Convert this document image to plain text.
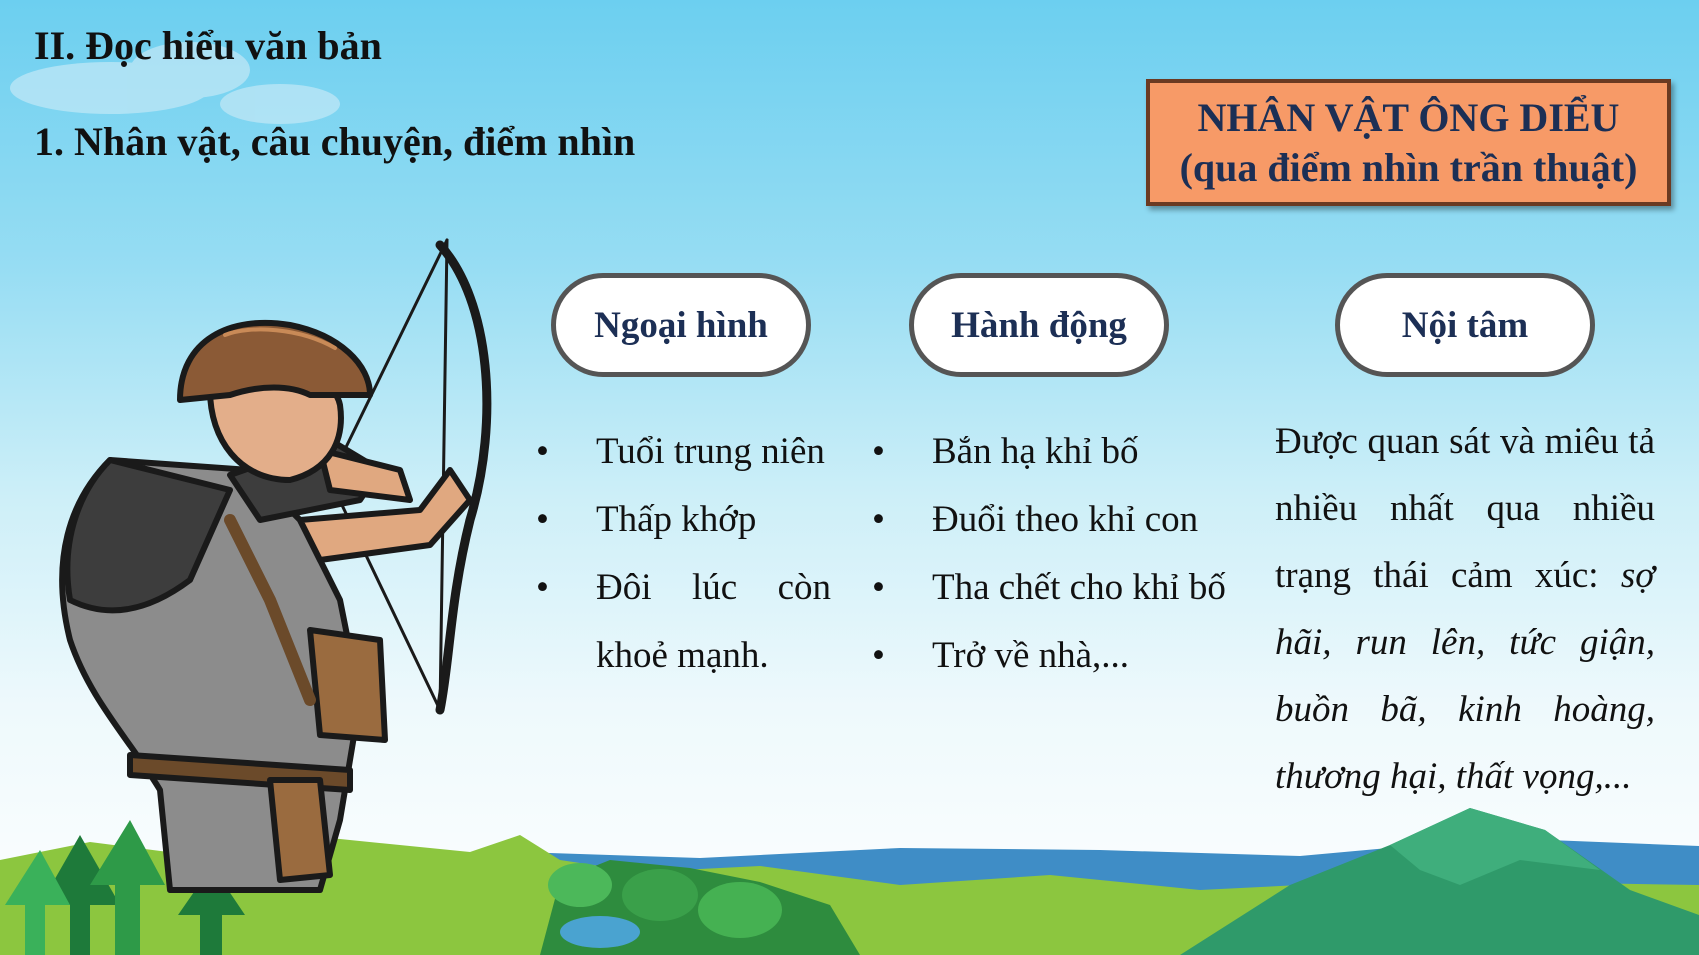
II. Đọc hiểu văn bản
1. Nhân vật, câu chuyện, điểm nhìn
NHÂN VẬT ÔNG DIỂU
(qua điểm nhìn trần thuật)
Ngoại hình	Hành động	Nội tâm
•
Tuổi trung niên
•
Thấp khớp
•
Đôi lúc còn
khoẻ mạnh.
•
Bắn hạ khỉ bố
•
Đuổi theo khỉ con
•
Tha chết cho khỉ bố
•
Trở về nhà,...

Được quan sát và miêu tả nhiều nhất qua nhiều trạng thái cảm xúc: sợ hãi, run lên, tức giận, buồn bã, kinh hoàng, thương hại, thất vọng,...
